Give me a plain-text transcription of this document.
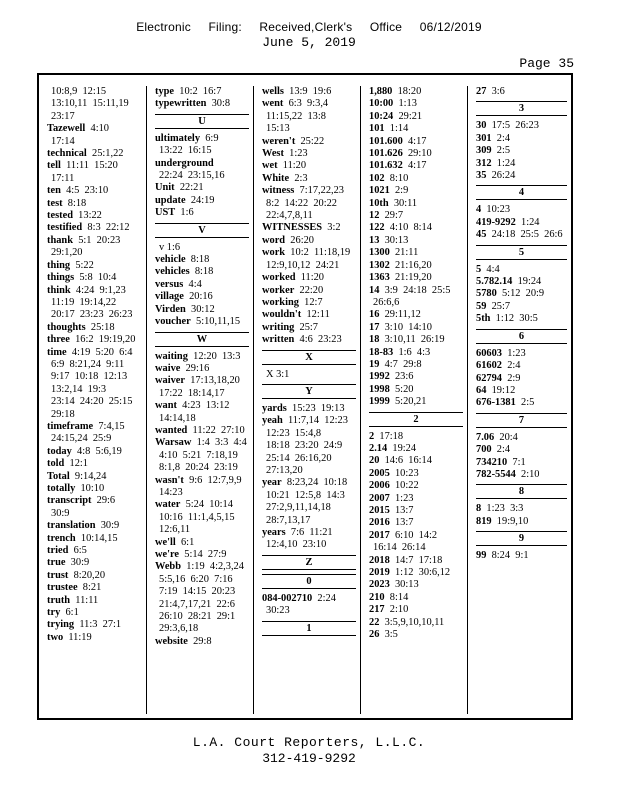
Electronic Filing: Received,Clerk's Office 06/12/2019
June 5, 2019
Page 35
10:8,9  12:15
13:10,11  15:11,19
23:17
Tazewell 4:10
17:14
technical 25:1,22
tell 11:11  15:20
17:11
ten 4:5  23:10
test 8:18
tested 13:22
testified 8:3  22:12
thank 5:1  20:23
29:1,20
thing 5:22
things 5:8  10:4
think 4:24  9:1,23
11:19  19:14,22
20:17  23:23  26:23
thoughts 25:18
three 16:2  19:19,20
time 4:19  5:20  6:4
6:9  8:21,24  9:11
9:17  10:18  12:13
13:2,14  19:3
23:14  24:20  25:15
29:18
timeframe 7:4,15
24:15,24  25:9
today 4:8  5:6,19
told 12:1
Total 9:14,24
totally 10:10
transcript 29:6
30:9
translation 30:9
trench 10:14,15
tried 6:5
true 30:9
trust 8:20,20
trustee 8:21
truth 11:11
try 6:1
trying 11:3  27:1
two 11:19
type 10:2  16:7
typewritten 30:8
U
ultimately 6:9
13:22  16:15
underground
22:24  23:15,16
Unit 22:21
update 24:19
UST 1:6
V
v 1:6
vehicle 8:18
vehicles 8:18
versus 4:4
village 20:16
Virden 30:12
voucher 5:10,11,15
W
waiting 12:20  13:3
waive 29:16
waiver 17:13,18,20
17:22  18:14,17
want 4:23  13:12
14:14,18
wanted 11:22  27:10
Warsaw 1:4  3:3  4:4
4:10  5:21  7:18,19
8:1,8  20:24  23:19
wasn't 9:6  12:7,9,9
14:23
water 5:24  10:14
10:16  11:1,4,5,15
12:6,11
we'll 6:1
we're 5:14  27:9
Webb 1:19  4:2,3,24
5:5,16  6:20  7:16
7:19  14:15  20:23
21:4,7,17,21  22:6
26:10  28:21  29:1
29:3,6,18
website 29:8
wells 13:9  19:6
went 6:3  9:3,4
11:15,22  13:8
15:13
weren't 25:22
West 1:23
wet 11:20
White 2:3
witness 7:17,22,23
8:2  14:22  20:22
22:4,7,8,11
WITNESSES 3:2
word 26:20
work 10:2  11:18,19
12:9,10,12  24:21
worked 11:20
worker 22:20
working 12:7
wouldn't 12:11
writing 25:7
written 4:6  23:23
X
X 3:1
Y
yards 15:23  19:13
yeah 11:7,14  12:23
12:23  15:4,8
18:18  23:20  24:9
25:14  26:16,20
27:13,20
year 8:23,24  10:18
10:21  12:5,8  14:3
27:2,9,11,14,18
28:7,13,17
years 7:6  11:21
12:4,10  23:10
Z
0
084-002710 2:24
30:23
1
1,880 18:20
10:00 1:13
10:24 29:21
101 1:14
101.600 4:17
101.626 29:10
101.632 4:17
102 8:10
1021 2:9
10th 30:11
12 29:7
122 4:10  8:14
13 30:13
1300 21:11
1302 21:16,20
1363 21:19,20
14 3:9  24:18  25:5
26:6,6
16 29:11,12
17 3:10  14:10
18 3:10,11  26:19
18-83 1:6  4:3
19 4:7  29:8
1992 23:6
1998 5:20
1999 5:20,21
2
2 17:18
2.14 19:24
20 14:6  16:14
2005 10:23
2006 10:22
2007 1:23
2015 13:7
2016 13:7
2017 6:10  14:2
16:14  26:14
2018 14:7  17:18
2019 1:12  30:6,12
2023 30:13
210 8:14
217 2:10
22 3:5,9,10,10,11
26 3:5
27 3:6
3
30 17:5  26:23
301 2:4
309 2:5
312 1:24
35 26:24
4
4 10:23
419-9292 1:24
45 24:18  25:5  26:6
5
5 4:4
5.782.14 19:24
5780 5:12  20:9
59 25:7
5th 1:12  30:5
6
60603 1:23
61602 2:4
62794 2:9
64 19:12
676-1381 2:5
7
7.06 20:4
700 2:4
734210 7:1
782-5544 2:10
8
8 1:23  3:3
819 19:9,10
9
99 8:24  9:1
L.A. Court Reporters, L.L.C.
312-419-9292
